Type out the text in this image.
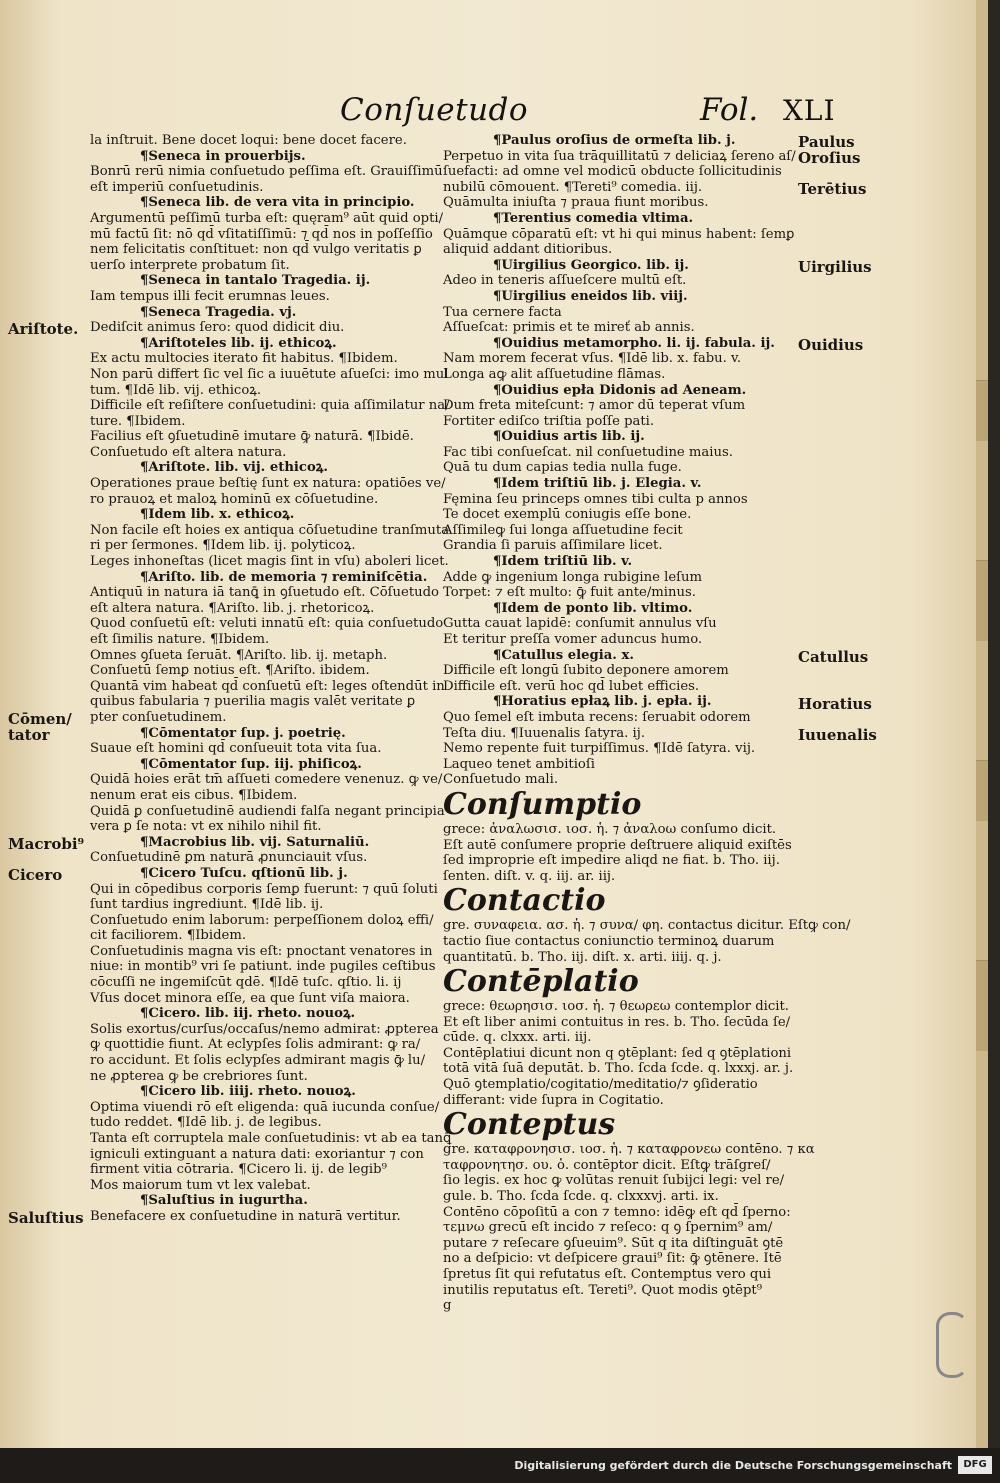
Conſuetudo	Fol. XLI
la inſtruit. Bene docet loqui: bene docet facere.
¶Seneca in prouerbijs.
Bonrū rerū nimia conſuetudo peſſima eſt. Grauiſſimū
eſt imperiū conſuetudinis.
¶Seneca lib. de vera vita in principio.
Argumentū peſſimū turba eſt: quęram⁹ aūt quid opti/
mū factū ſit: nō qd̄ vſitatiſſimū: ⁊ qd̄ nos in poſſeſſio
nem felicitatis conſtituet: non qd̄ vulgo veritatis ꝑ
uerſo interprete probatum ſit.
¶Seneca in tantalo Tragedia. ij.
Iam tempus illi fecit erumnas leues.
¶Seneca Tragedia. vj.
Dediſcit animus ſero: quod didicit diu.
¶Ariſtoteles lib. ij. ethicoꝝ.
Ex actu multocies iterato fit habitus. ¶Ibidem.
Non parū differt ſic vel ſic a iuuētute aſueſci: imo mul
tum. ¶Idē lib. vij. ethicoꝝ.
Difficile eſt reſiſtere conſuetudini: quia aſſimilatur na/
ture. ¶Ibidem.
Facilius eſt ꝯſuetudinē imutare ꝙ̄ naturā. ¶Ibidē.
Conſuetudo eſt altera natura.
¶Ariſtote. lib. vij. ethicoꝝ.
Operationes praue beſtię ſunt ex natura: opatiōes ve/
ro prauoꝝ et maloꝝ hominū ex cōſuetudine.
¶Idem lib. x. ethicoꝝ.
Non facile eſt hoies ex antiqua cōſuetudine tranſmuta
ri per ſermones. ¶Idem lib. ij. polyticoꝝ.
Leges inhoneſtas (licet magis ſint in vſu) aboleri licet.
¶Ariſto. lib. de memoria ⁊ reminiſcētia.
Antiquū in natura iā tanꝗ̄ in ꝯſuetudo eſt. Cōſuetudo
eſt altera natura. ¶Ariſto. lib. j. rhetoricoꝝ.
Quod conſuetū eſt: veluti innatū eſt: quia conſuetudo
eſt ſimilis nature. ¶Ibidem.
Omnes ꝯſueta ſeruāt. ¶Ariſto. lib. ij. metaph.
Conſuetū ſemꝑ notius eſt. ¶Ariſto. ibidem.
Quantā vim habeat qd̄ conſuetū eſt: leges oſtendūt in
quibus fabularia ⁊ puerilia magis valēt veritate ꝑ
pter conſuetudinem.
¶Cōmentator ſup. j. poetrię.
Suaue eſt homini qd̄ conſueuit tota vita ſua.
¶Cōmentator ſup. iij. phiſicoꝝ.
Quidā hoies erāt tm̄ aſſueti comedere venenuz. ꝙ ve/
nenum erat eis cibus. ¶Ibidem.
Quidā ꝑ conſuetudinē audiendi falſa negant principia
vera ꝑ ſe nota: vt ex nihilo nihil fit.
¶Macrobius lib. vij. Saturnaliū.
Conſuetudinē ꝑm naturā ꝓnunciauit vſus.
¶Cicero Tuſcu. qſtionū lib. j.
Qui in cōpedibus corporis ſemꝑ fuerunt: ⁊ quū ſoluti
ſunt tardius ingrediunt. ¶Idē lib. ij.
Conſuetudo enim laborum: perpeſſionem doloꝝ effi/
cit faciliorem. ¶Ibidem.
Conſuetudinis magna vis eſt: pnoctant venatores in
niue: in montib⁹ vri ſe patiunt. inde pugiles ceſtibus
cōcuſſi ne ingemiſcūt qdē. ¶Idē tuſc. qſtio. li. ij
Vſus docet minora eſſe, ea que ſunt viſa maiora.
¶Cicero. lib. iij. rheto. nouoꝝ.
Solis exortus/curſus/occaſus/nemo admirat: ꝓpterea
ꝙ quottidie fiunt. At eclypſes ſolis admirant: ꝙ ra/
ro accidunt. Et ſolis eclypſes admirant magis ꝙ̄ lu/
ne ꝓpterea ꝙ be crebriores ſunt.
¶Cicero lib. iiij. rheto. nouoꝝ.
Optima viuendi rō eſt eligenda: quā iucunda conſue/
tudo reddet. ¶Idē lib. j. de legibus.
Tanta eſt corruptela male conſuetudinis: vt ab ea tanꝗ̄
igniculi extinguant a natura dati: exoriantur ⁊ con
firment vitia cōtraria. ¶Cicero li. ij. de legib⁹
Mos maiorum tum vt lex valebat.
¶Saluſtius in iugurtha.
Benefacere ex conſuetudine in naturā vertitur.
¶Paulus oroſius de ormeſta lib. j.
Perpetuo in vita ſua trāquillitatū ⁊ deliciaꝝ ſereno aſ/
ſuefacti: ad omne vel modicū obducte ſollicitudinis
nubilū cōmouent. ¶Tereti⁹ comedia. iij.
Quāmulta iniuſta ⁊ praua fiunt moribus.
¶Terentius comedia vltima.
Quāmque cōparatū eſt: vt hi qui minus habent: ſemꝑ
aliquid addant ditioribus.
¶Uirgilius Georgico. lib. ij.
Adeo in teneris aſſueſcere multū eſt.
¶Uirgilius eneidos lib. viij.
Tua cernere facta
Aſſueſcat: primis et te mireť ab annis.
¶Ouidius metamorpho. li. ij. fabula. ij.
Nam morem fecerat vſus. ¶Idē lib. x. fabu. v.
Longa aꝙ alit aſſuetudine flāmas.
¶Ouidius epła Didonis ad Aeneam.
Dum freta miteſcunt: ⁊ amor dū teperat vſum
Fortiter ediſco triſtia poſſe pati.
¶Ouidius artis lib. ij.
Fac tibi conſueſcat. nil conſuetudine maius.
Quā tu dum capias tedia nulla fuge.
¶Idem triſtiū lib. j. Elegia. v.
Fęmina ſeu princeps omnes tibi culta p annos
Te docet exemplū coniugis eſſe bone.
Aſſimileꝙ ſui longa aſſuetudine fecit
Grandia ſi paruis aſſimilare licet.
¶Idem triſtiū lib. v.
Adde ꝙ ingenium longa rubigine leſum
Torpet: ⁊ eſt multo: ꝙ̄ fuit ante/minus.
¶Idem de ponto lib. vltimo.
Gutta cauat lapidē: conſumit annulus vſu
Et teritur preſſa vomer aduncus humo.
¶Catullus elegia. x.
Difficile eſt longū ſubito deponere amorem
Difficile eſt. verū hoc qd̄ lubet efficies.
¶Horatius epłaꝝ lib. j. epła. ij.
Quo ſemel eſt imbuta recens: ſeruabit odorem
Teſta diu. ¶Iuuenalis ſatyra. ij.
Nemo repente fuit turpiſſimus. ¶Idē ſatyra. vij.
Laqueo tenet ambitioſi
Conſuetudo mali.
Conſumptio
grece: ἀναλωσισ. ιοσ. ἡ. ⁊ ἀναλοω conſumo dicit.
Eſt autē conſumere proprie deſtruere aliquid exiſtēs
ſed improprie eſt impedire aliqd ne fiat. b. Tho. iij.
ſenten. diſt. v. q. iij. ar. iij.
Contactio
gre. συναφεια. ασ. ἡ. ⁊ συνα/ φη. contactus dicitur. Eſtꝙ con/
tactio ſiue contactus coniunctio terminoꝝ duarum
quantitatū. b. Tho. iij. diſt. x. arti. iiij. q. j.
Contēplatio
grece: θεωρησισ. ιοσ. ἡ. ⁊ θεωρεω contemplor dicit.
Et eſt liber animi contuitus in res. b. Tho. ſecūda ſe/
cūde. q. clxxx. arti. iij.
Contēplatiui dicunt non q ꝯtēplant: ſed q ꝯtēplationi
totā vitā ſuā deputāt. b. Tho. ſcda ſcde. q. lxxxj. ar. j.
Quō ꝯtemplatio/cogitatio/meditatio/⁊ ꝯſideratio
differant: vide ſupra in Cogitatio.
Conteptus
gre. καταφρονησισ. ιοσ. ἡ. ⁊ καταφρονεω contēno. ⁊ κα
ταφρονητησ. ου. ὁ. contēptor dicit. Eſtꝙ trāſgreſ/
ſio legis. ex hoc ꝙ volūtas renuit ſubijci legi: vel re/
gule. b. Tho. ſcda ſcde. q. clxxxvj. arti. ix.
Contēno cōpoſitū a con ⁊ temno: idēꝙ eſt qd̄ ſperno:
τεμνω grecū eſt incido ⁊ reſeco: q ꝯ ſpernim⁹ am/
putare ⁊ reſecare ꝯſueuim⁹. Sūt q ita diſtinguāt ꝯtē
no a deſpicio: vt deſpicere graui⁹ ſit: ꝙ̄ ꝯtēnere. Itē
ſpretus ſit qui refutatus eſt. Contemptus vero qui
inutilis reputatus eſt. Tereti⁹. Quot modis ꝯtēpt⁹
g
Ariſtote.
Cōmen/
tator
Macrobi⁹
Cicero
Saluſtius
Paulus
Oroſius
Terētius
Uirgilius
Ouidius
Catullus
Horatius
Iuuenalis
Digitalisierung gefördert durch die Deutsche Forschungsgemeinschaft	DFG
